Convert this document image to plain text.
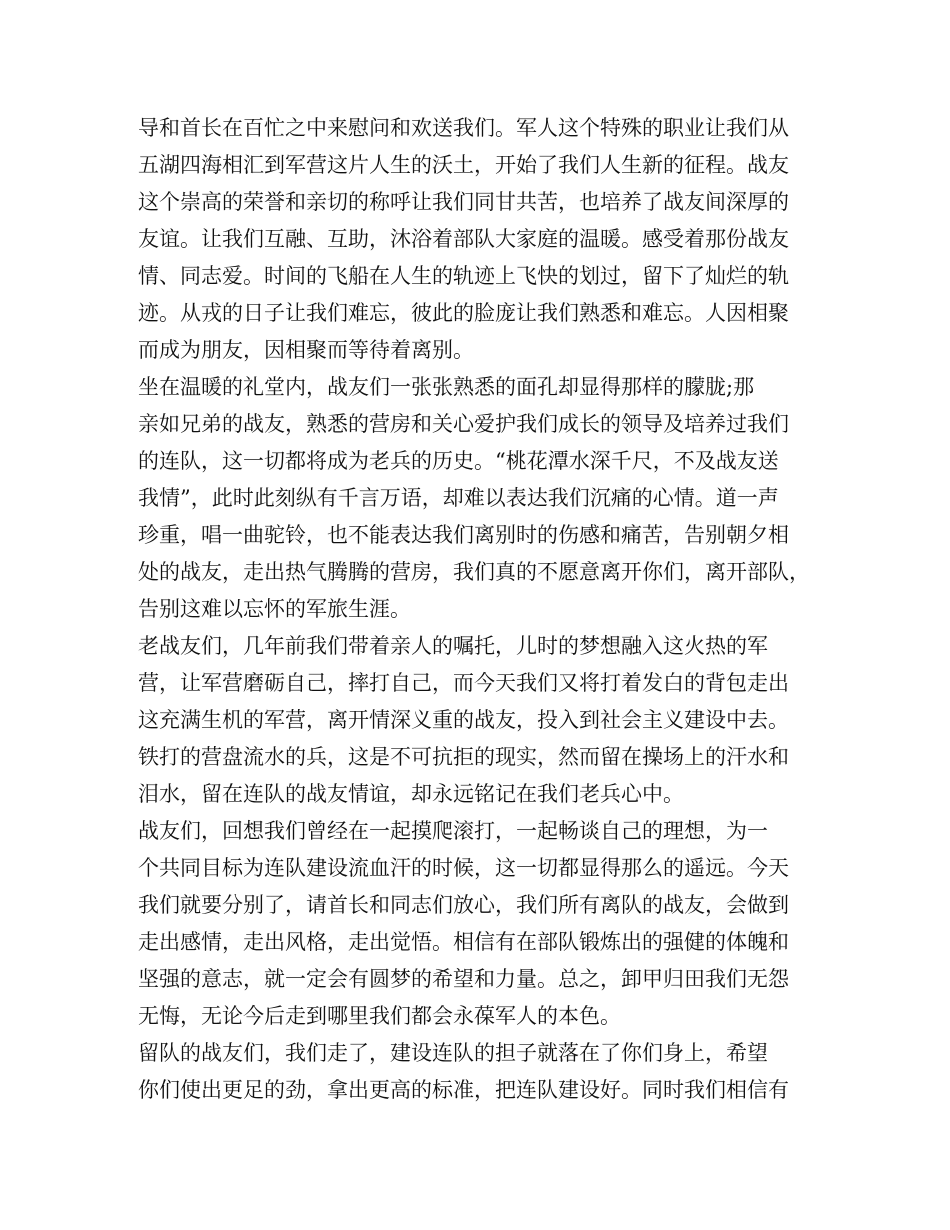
导和首长在百忙之中来慰问和欢送我们。军人这个特殊的职业让我们从
五湖四海相汇到军营这片人生的沃土，开始了我们人生新的征程。战友
这个崇高的荣誉和亲切的称呼让我们同甘共苦，也培养了战友间深厚的
友谊。让我们互融、互助，沐浴着部队大家庭的温暖。感受着那份战友
情、同志爱。时间的飞船在人生的轨迹上飞快的划过，留下了灿烂的轨
迹。从戎的日子让我们难忘，彼此的脸庞让我们熟悉和难忘。人因相聚
而成为朋友，因相聚而等待着离别。
坐在温暖的礼堂内，战友们一张张熟悉的面孔却显得那样的朦胧;那
亲如兄弟的战友，熟悉的营房和关心爱护我们成长的领导及培养过我们
的连队，这一切都将成为老兵的历史。“桃花潭水深千尺，不及战友送
我情”，此时此刻纵有千言万语，却难以表达我们沉痛的心情。道一声
珍重，唱一曲驼铃，也不能表达我们离别时的伤感和痛苦，告别朝夕相
处的战友，走出热气腾腾的营房，我们真的不愿意离开你们，离开部队，
告别这难以忘怀的军旅生涯。
老战友们，几年前我们带着亲人的嘱托，儿时的梦想融入这火热的军
营，让军营磨砺自己，摔打自己，而今天我们又将打着发白的背包走出
这充满生机的军营，离开情深义重的战友，投入到社会主义建设中去。
铁打的营盘流水的兵，这是不可抗拒的现实，然而留在操场上的汗水和
泪水，留在连队的战友情谊，却永远铭记在我们老兵心中。
战友们，回想我们曾经在一起摸爬滚打，一起畅谈自己的理想，为一
个共同目标为连队建设流血汗的时候，这一切都显得那么的遥远。今天
我们就要分别了，请首长和同志们放心，我们所有离队的战友，会做到
走出感情，走出风格，走出觉悟。相信有在部队锻炼出的强健的体魄和
坚强的意志，就一定会有圆梦的希望和力量。总之，卸甲归田我们无怨
无悔，无论今后走到哪里我们都会永葆军人的本色。
留队的战友们，我们走了，建设连队的担子就落在了你们身上，希望
你们使出更足的劲，拿出更高的标准，把连队建设好。同时我们相信有
